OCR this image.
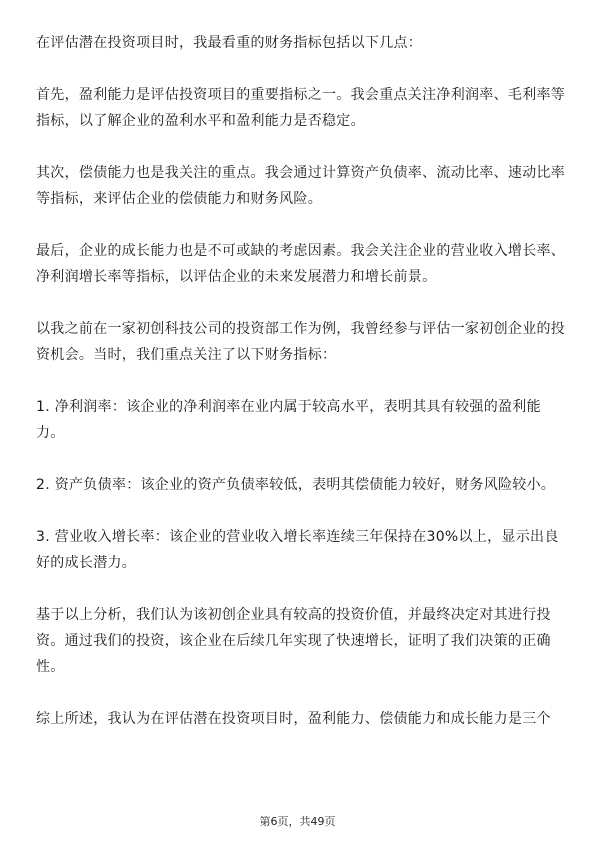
在评估潜在投资项目时，我最看重的财务指标包括以下几点：

首先，盈利能力是评估投资项目的重要指标之一。我会重点关注净利润率、毛利率等指标，以了解企业的盈利水平和盈利能力是否稳定。

其次，偿债能力也是我关注的重点。我会通过计算资产负债率、流动比率、速动比率等指标，来评估企业的偿债能力和财务风险。

最后，企业的成长能力也是不可或缺的考虑因素。我会关注企业的营业收入增长率、净利润增长率等指标，以评估企业的未来发展潜力和增长前景。

以我之前在一家初创科技公司的投资部工作为例，我曾经参与评估一家初创企业的投资机会。当时，我们重点关注了以下财务指标：

1. 净利润率：该企业的净利润率在业内属于较高水平，表明其具有较强的盈利能力。

2. 资产负债率：该企业的资产负债率较低，表明其偿债能力较好，财务风险较小。

3. 营业收入增长率：该企业的营业收入增长率连续三年保持在30%以上，显示出良好的成长潜力。

基于以上分析，我们认为该初创企业具有较高的投资价值，并最终决定对其进行投资。通过我们的投资，该企业在后续几年实现了快速增长，证明了我们决策的正确性。

综上所述，我认为在评估潜在投资项目时，盈利能力、偿债能力和成长能力是三个

第6页，共49页
